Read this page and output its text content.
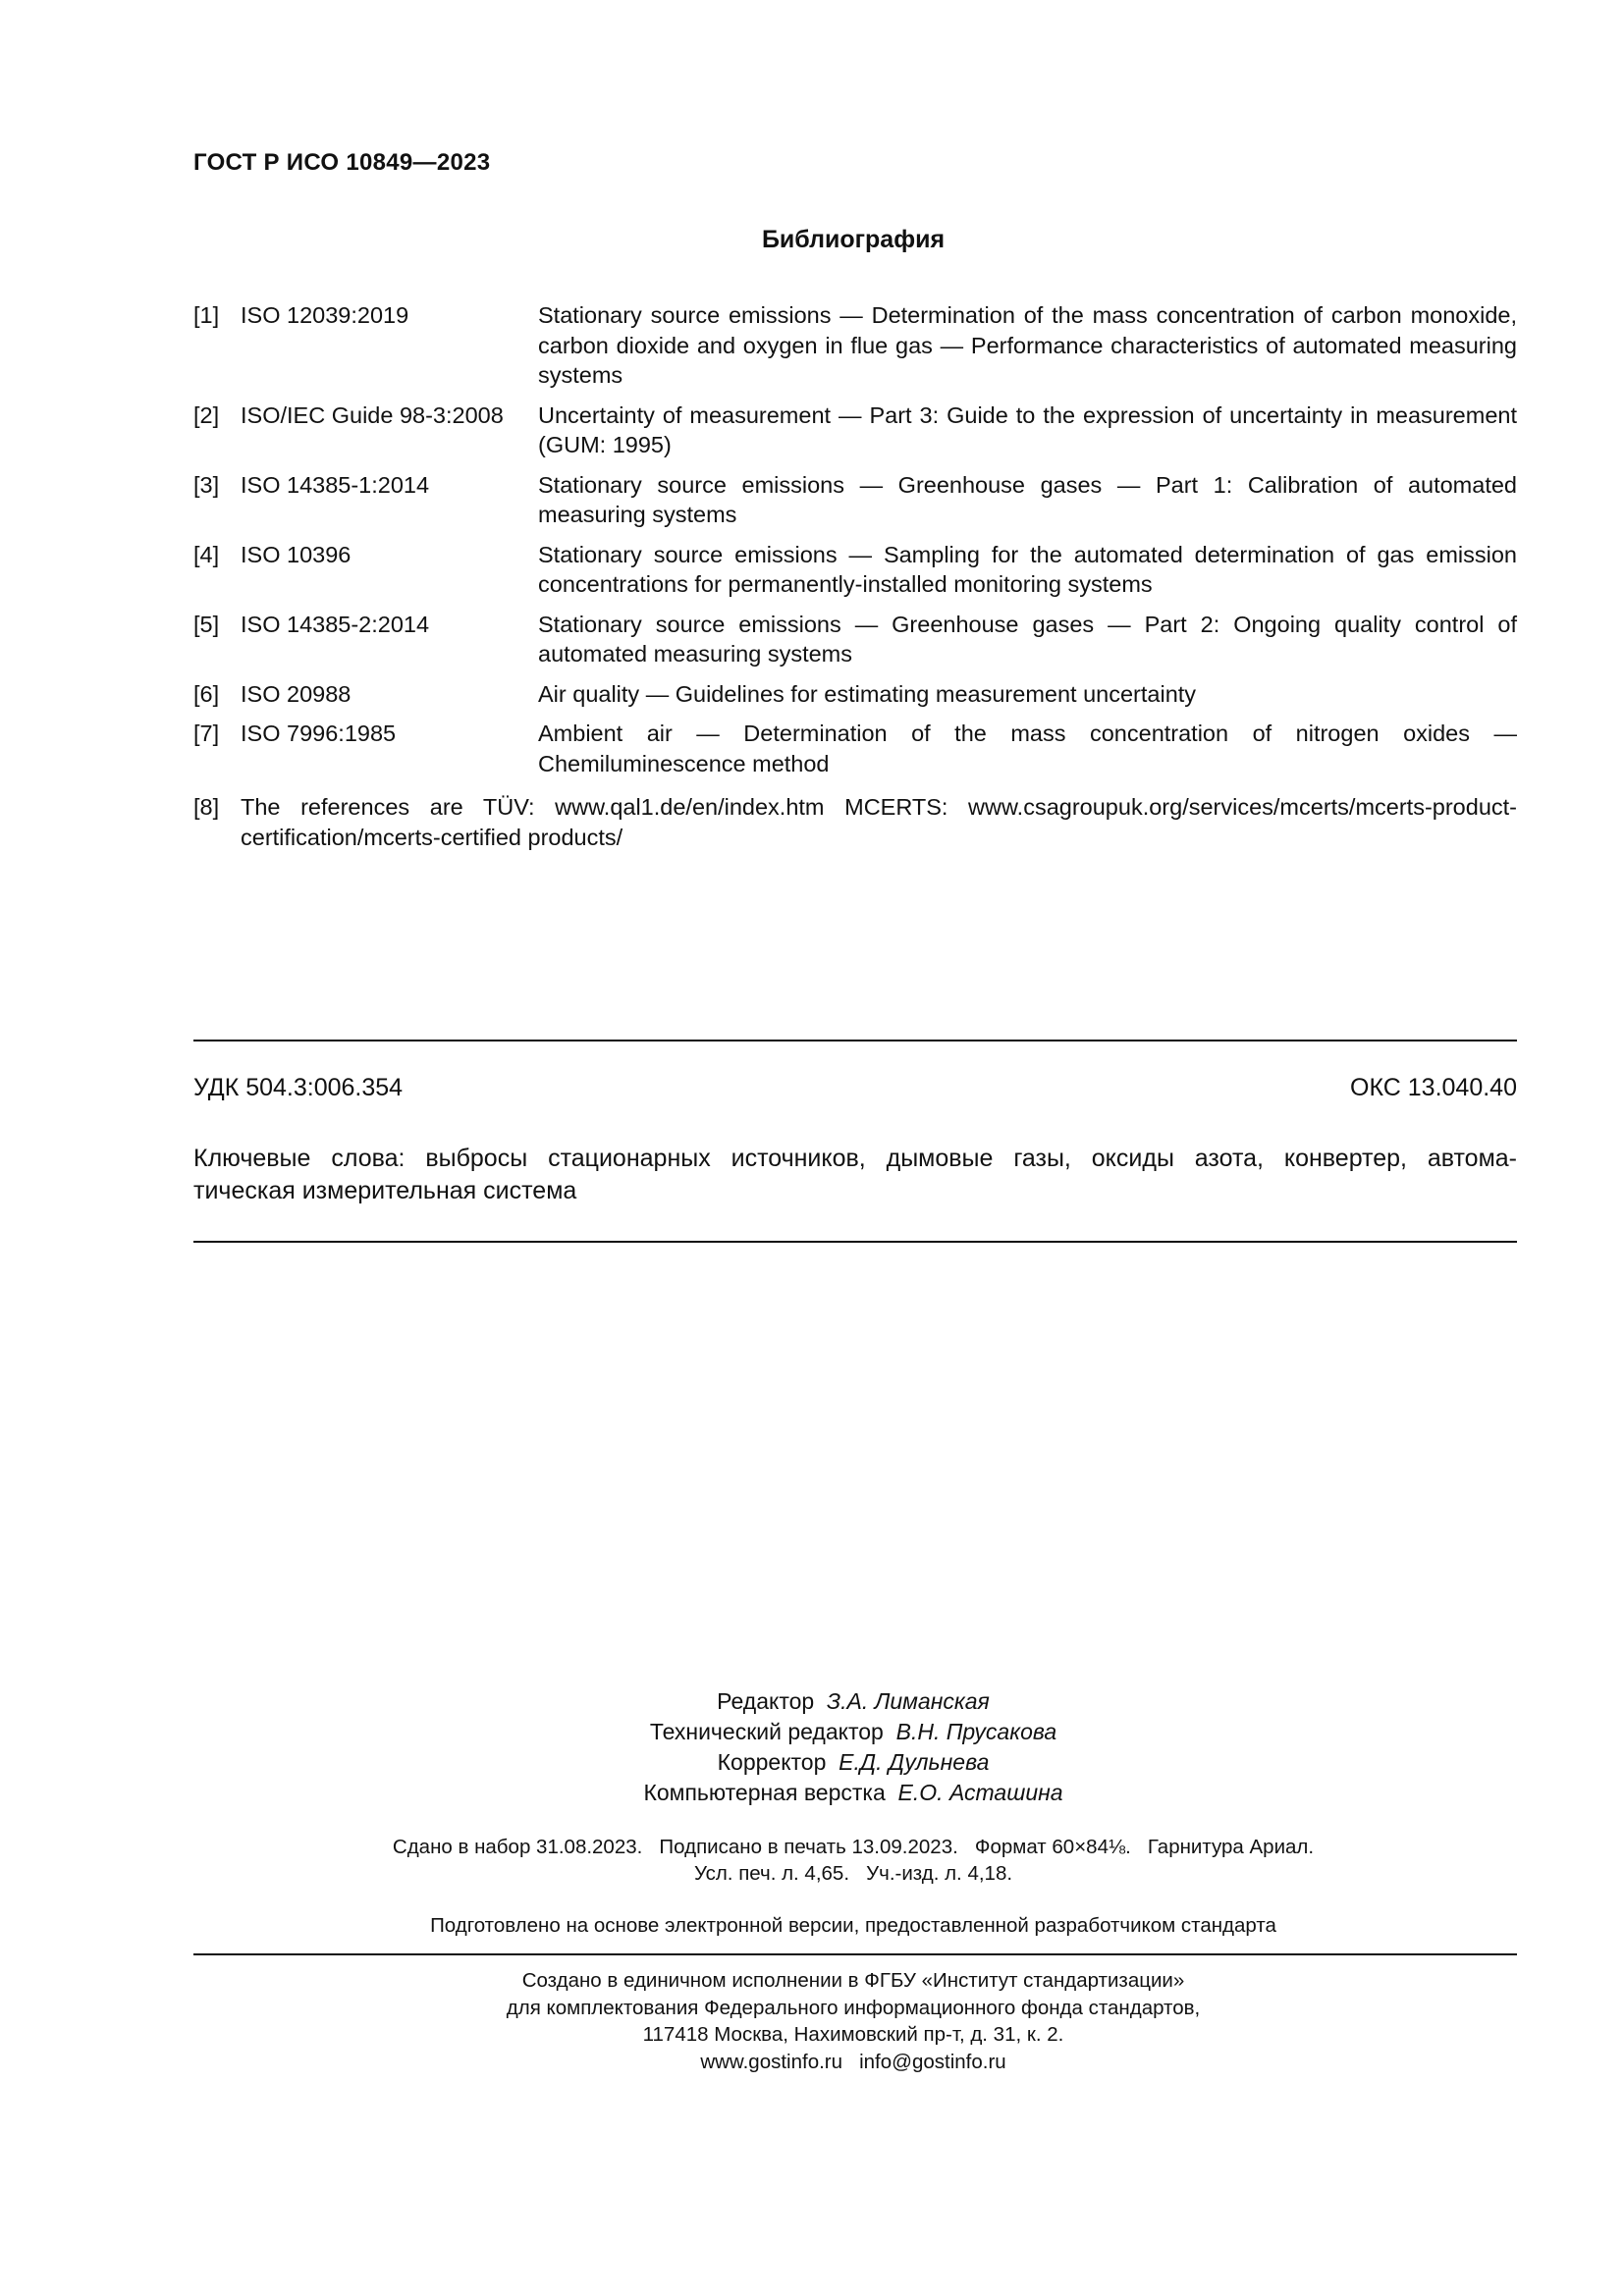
ГОСТ Р ИСО 10849—2023
Библиография
[1] ISO 12039:2019	Stationary source emissions — Determination of the mass concentration of carbon monoxide, carbon dioxide and oxygen in flue gas — Performance characteristics of automated measuring systems
[2] ISO/IEC Guide 98-3:2008	Uncertainty of measurement — Part 3: Guide to the expression of uncertainty in measurement (GUM: 1995)
[3] ISO 14385-1:2014	Stationary source emissions — Greenhouse gases — Part 1: Calibration of automated measuring systems
[4] ISO 10396	Stationary source emissions — Sampling for the automated determination of gas emission concentrations for permanently-installed monitoring systems
[5] ISO 14385-2:2014	Stationary source emissions — Greenhouse gases — Part 2: Ongoing quality control of automated measuring systems
[6] ISO 20988	Air quality — Guidelines for estimating measurement uncertainty
[7] ISO 7996:1985	Ambient air — Determination of the mass concentration of nitrogen oxides — Chemiluminescence method
[8] The references are TÜV: www.qal1.de/en/index.htm MCERTS: www.csagroupuk.org/services/mcerts/mcerts-product-
certification/mcerts-certified products/
УДК 504.3:006.354	ОКС 13.040.40
Ключевые слова: выбросы стационарных источников, дымовые газы, оксиды азота, конвертер, автома-
тическая измерительная система
Редактор З.А. Лиманская
Технический редактор В.Н. Прусакова
Корректор Е.Д. Дульнева
Компьютерная верстка Е.О. Асташина
Сдано в набор 31.08.2023.   Подписано в печать 13.09.2023.   Формат 60×84⅛.   Гарнитура Ариал.
Усл. печ. л. 4,65.   Уч.-изд. л. 4,18.
Подготовлено на основе электронной версии, предоставленной разработчиком стандарта
Создано в единичном исполнении в ФГБУ «Институт стандартизации»
для комплектования Федерального информационного фонда стандартов,
117418 Москва, Нахимовский пр-т, д. 31, к. 2.
www.gostinfo.ru   info@gostinfo.ru
